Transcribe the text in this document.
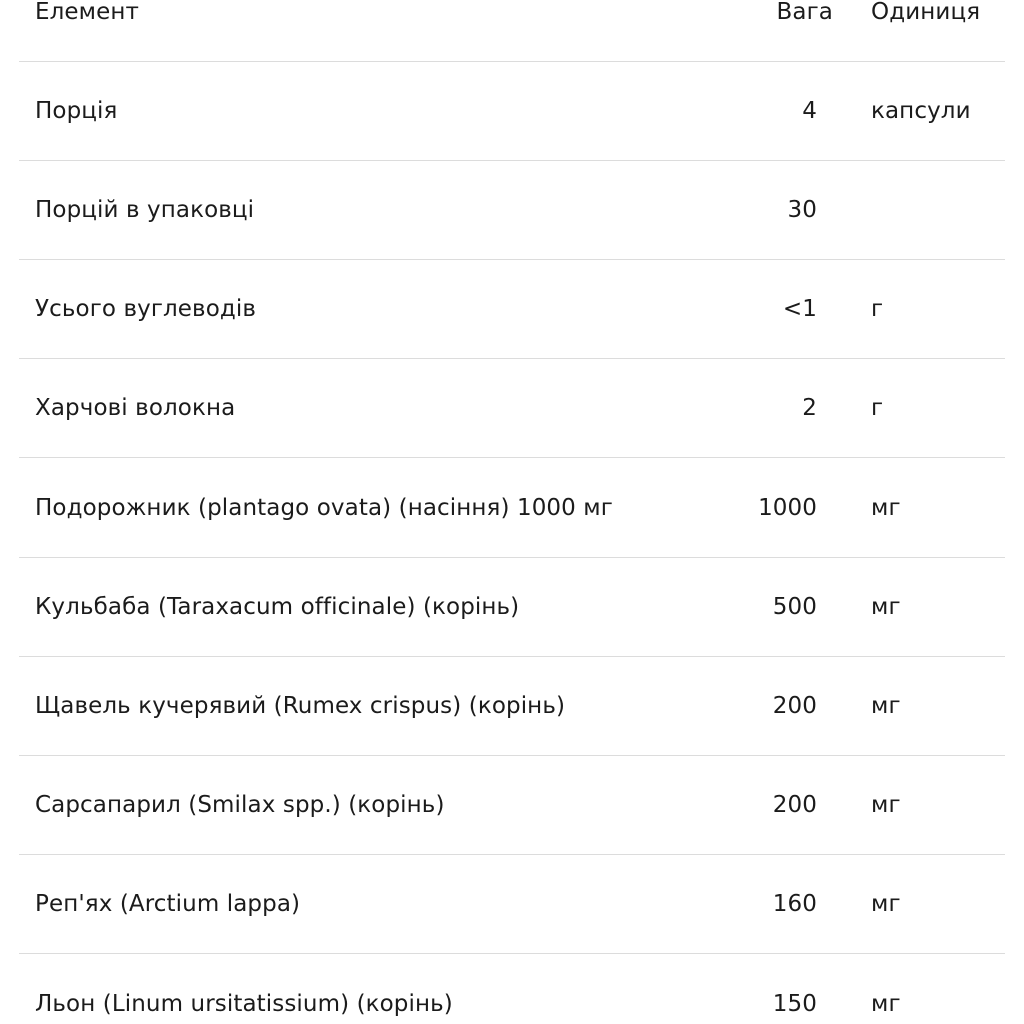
Елемент	Вага Одиниця
Порція	4 капсули
Порцій в упаковці	30
Усього вуглеводів	<1 г
Харчові волокна	2 г
Подорожник (plantago ovata) (насіння) 1000 мг	1000 мг
Кульбаба (Taraxacum officinale) (корінь)	500 мг
Щавель кучерявий (Rumex crispus) (корінь)	200 мг
Сарсапарил (Smilax spp.) (корінь)	200 мг
Реп'ях (Arctium lappa)	160 мг
Льон (Linum ursitatissium) (корінь)	150 мг
